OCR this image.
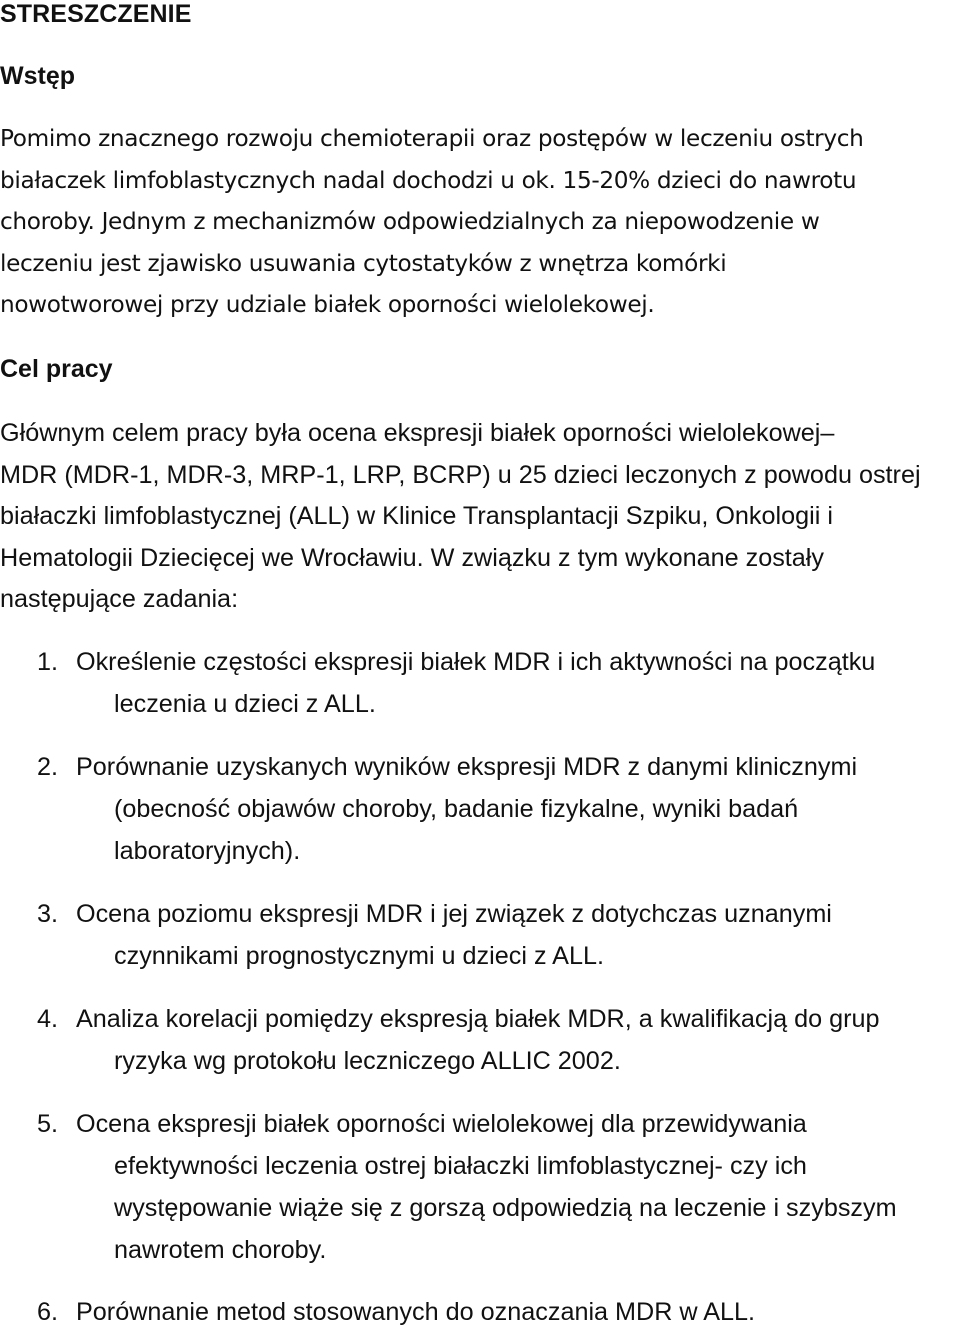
STRESZCZENIE
Wstęp

Pomimo znacznego rozwoju chemioterapii oraz postępów w leczeniu ostrych
białaczek limfoblastycznych nadal dochodzi u ok. 15-20% dzieci do nawrotu
choroby. Jednym z mechanizmów odpowiedzialnych za niepowodzenie w
leczeniu jest zjawisko usuwania cytostatyków z wnętrza komórki
nowotworowej przy udziale białek oporności wielolekowej.

Cel pracy

Głównym celem pracy była ocena ekspresji białek oporności wielolekowej–
MDR (MDR-1, MDR-3, MRP-1, LRP, BCRP) u 25 dzieci leczonych z powodu ostrej
białaczki limfoblastycznej (ALL) w Klinice Transplantacji Szpiku, Onkologii i
Hematologii Dziecięcej we Wrocławiu. W związku z tym wykonane zostały
następujące zadania:

1. Określenie częstości ekspresji białek MDR i ich aktywności na początku
leczenia u dzieci z ALL.
2. Porównanie uzyskanych wyników ekspresji MDR z danymi klinicznymi
(obecność objawów choroby, badanie fizykalne, wyniki badań
laboratoryjnych).
3. Ocena poziomu ekspresji MDR i jej związek z dotychczas uznanymi
czynnikami prognostycznymi u dzieci z ALL.
4. Analiza korelacji pomiędzy ekspresją białek MDR, a kwalifikacją do grup
ryzyka wg protokołu leczniczego ALLIC 2002.
5. Ocena ekspresji białek oporności wielolekowej dla przewidywania
efektywności leczenia ostrej białaczki limfoblastycznej- czy ich
występowanie wiąże się z gorszą odpowiedzią na leczenie i szybszym
nawrotem choroby.
6. Porównanie metod stosowanych do oznaczania MDR w ALL.
